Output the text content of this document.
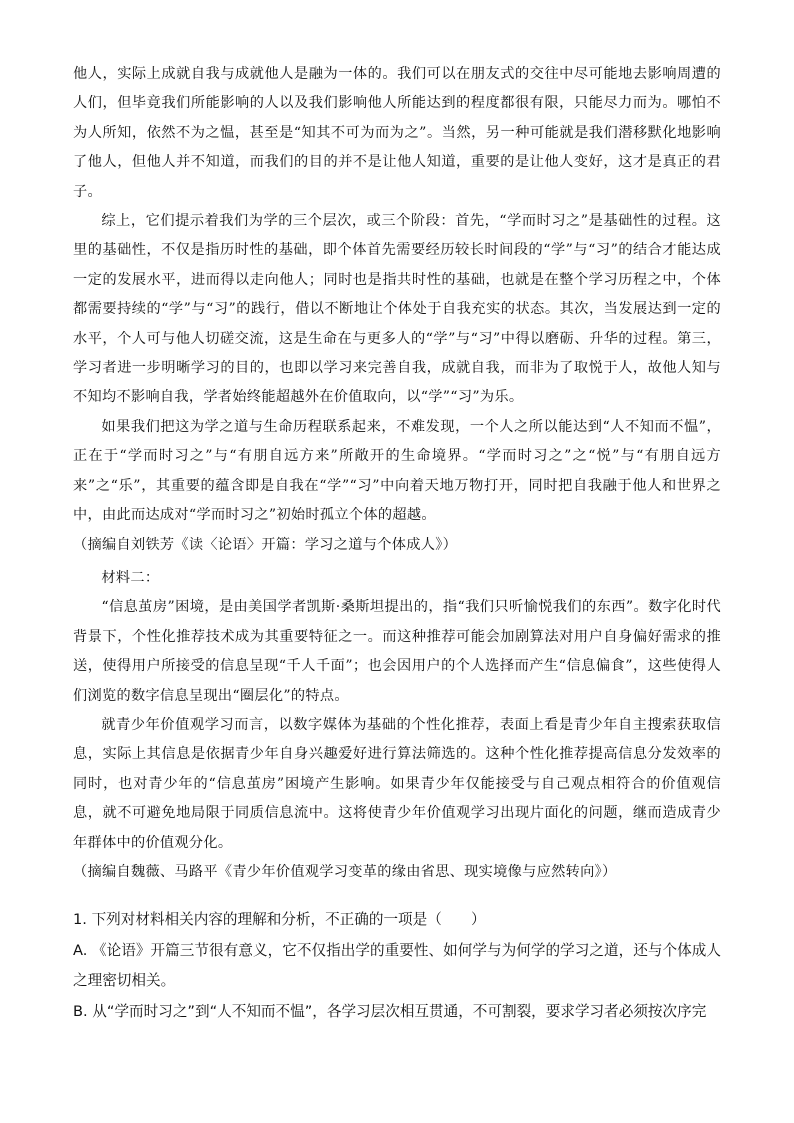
他人，实际上成就自我与成就他人是融为一体的。我们可以在朋友式的交往中尽可能地去影响周遭的人们，但毕竟我们所能影响的人以及我们影响他人所能达到的程度都很有限，只能尽力而为。哪怕不为人所知，依然不为之愠，甚至是“知其不可为而为之”。当然，另一种可能就是我们潜移默化地影响了他人，但他人并不知道，而我们的目的并不是让他人知道，重要的是让他人变好，这才是真正的君子。

综上，它们提示着我们为学的三个层次，或三个阶段：首先，“学而时习之”是基础性的过程。这里的基础性，不仅是指历时性的基础，即个体首先需要经历较长时间段的“学”与“习”的结合才能达成一定的发展水平，进而得以走向他人；同时也是指共时性的基础，也就是在整个学习历程之中，个体都需要持续的“学”与“习”的践行，借以不断地让个体处于自我充实的状态。其次，当发展达到一定的水平，个人可与他人切磋交流，这是生命在与更多人的“学”与“习”中得以磨砺、升华的过程。第三，学习者进一步明晰学习的目的，也即以学习来完善自我，成就自我，而非为了取悦于人，故他人知与不知均不影响自我，学者始终能超越外在价值取向，以“学”“习”为乐。

如果我们把这为学之道与生命历程联系起来，不难发现，一个人之所以能达到“人不知而不愠”，正在于“学而时习之”与“有朋自远方来”所敞开的生命境界。“学而时习之”之“悦”与“有朋自远方来”之“乐”，其重要的蕴含即是自我在“学”“习”中向着天地万物打开，同时把自我融于他人和世界之中，由此而达成对“学而时习之”初始时孤立个体的超越。

（摘编自刘铁芳《读〈论语〉开篇：学习之道与个体成人》）

材料二：

“信息茧房”困境，是由美国学者凯斯·桑斯坦提出的，指“我们只听愉悦我们的东西”。数字化时代背景下，个性化推荐技术成为其重要特征之一。而这种推荐可能会加剧算法对用户自身偏好需求的推送，使得用户所接受的信息呈现“千人千面”；也会因用户的个人选择而产生“信息偏食”，这些使得人们浏览的数字信息呈现出“圈层化”的特点。

就青少年价值观学习而言，以数字媒体为基础的个性化推荐，表面上看是青少年自主搜索获取信息，实际上其信息是依据青少年自身兴趣爱好进行算法筛选的。这种个性化推荐提高信息分发效率的同时，也对青少年的“信息茧房”困境产生影响。如果青少年仅能接受与自己观点相符合的价值观信息，就不可避免地局限于同质信息流中。这将使青少年价值观学习出现片面化的问题，继而造成青少年群体中的价值观分化。

（摘编自魏薇、马路平《青少年价值观学习变革的缘由省思、现实境像与应然转向》）

1. 下列对材料相关内容的理解和分析，不正确的一项是（　　）

A. 《论语》开篇三节很有意义，它不仅指出学的重要性、如何学与为何学的学习之道，还与个体成人之理密切相关。

B. 从“学而时习之”到“人不知而不愠”，各学习层次相互贯通，不可割裂，要求学习者必须按次序完
